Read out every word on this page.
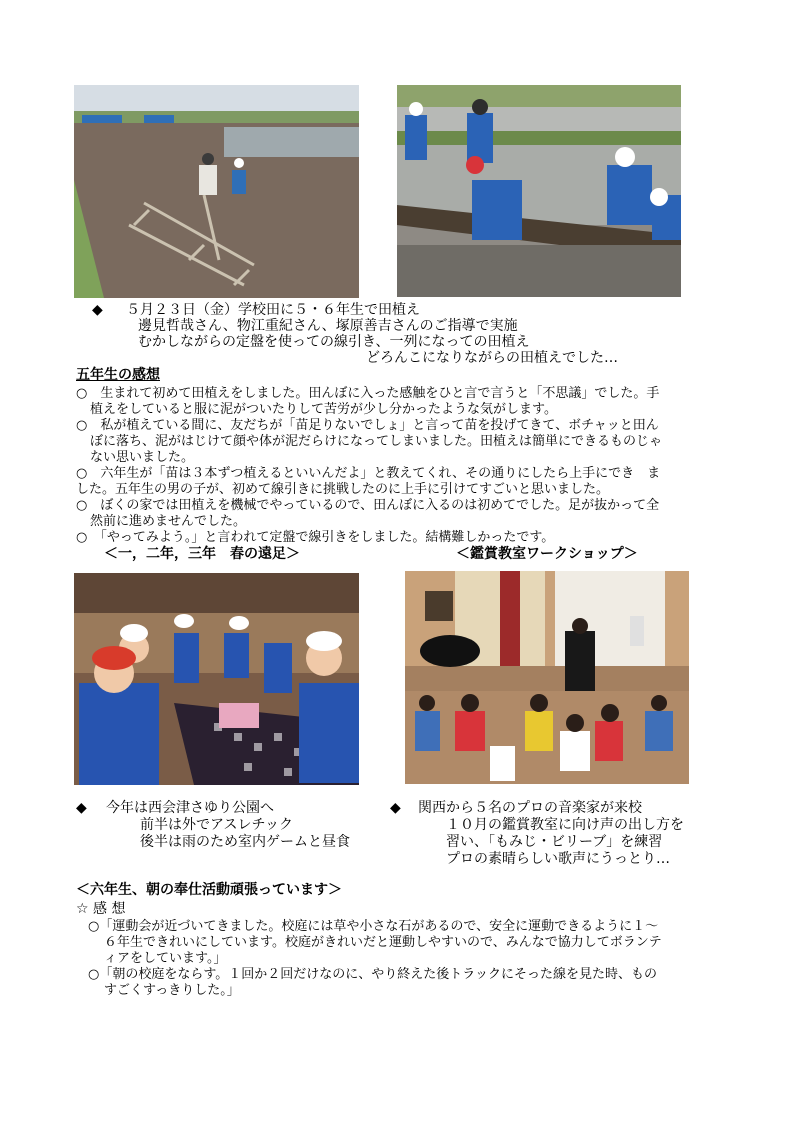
◆ ５月２３日（金）学校田に５・６年生で田植え
邊見哲哉さん、物江重紀さん、塚原善吉さんのご指導で実施
むかしながらの定盤を使っての線引き、一列になっての田植え
どろんこになりながらの田植えでした…
五年生の感想
○　生まれて初めて田植えをしました。田んぼに入った感触をひと言で言うと「不思議」でした。手
植えをしていると服に泥がついたりして苦労が少し分かったような気がします。
○　私が植えている間に、友だちが「苗足りないでしょ」と言って苗を投げてきて、ボチャッと田ん
ぼに落ち、泥がはじけて顔や体が泥だらけになってしまいました。田植えは簡単にできるものじゃ
ない思いました。
○　六年生が「苗は３本ずつ植えるといいんだよ」と教えてくれ、その通りにしたら上手にでき　ま
した。五年生の男の子が、初めて線引きに挑戦したのに上手に引けてすごいと思いました。
○　ぼくの家では田植えを機械でやっているので、田んぼに入るのは初めてでした。足が抜かって全
然前に進めませんでした。
○　「やってみよう。」と言われて定盤で線引きをしました。結構難しかったです。
＜一，二年，三年　春の遠足＞	＜鑑賞教室ワークショップ＞
◆ 今年は西会津さゆり公園へ
前半は外でアスレチック
後半は雨のため室内ゲームと昼食
◆ 関西から５名のプロの音楽家が来校
１０月の鑑賞教室に向け声の出し方を
習い、「もみじ・ビリーブ」を練習
プロの素晴らしい歌声にうっとり…
＜六年生、朝の奉仕活動頑張っています＞
☆ 感 想
○「運動会が近づいてきました。校庭には草や小さな石があるので、安全に運動できるように１～
６年生できれいにしています。校庭がきれいだと運動しやすいので、みんなで協力してボランテ
ィアをしています。」
○「朝の校庭をならす。１回か２回だけなのに、やり終えた後トラックにそった線を見た時、もの
すごくすっきりした。」
